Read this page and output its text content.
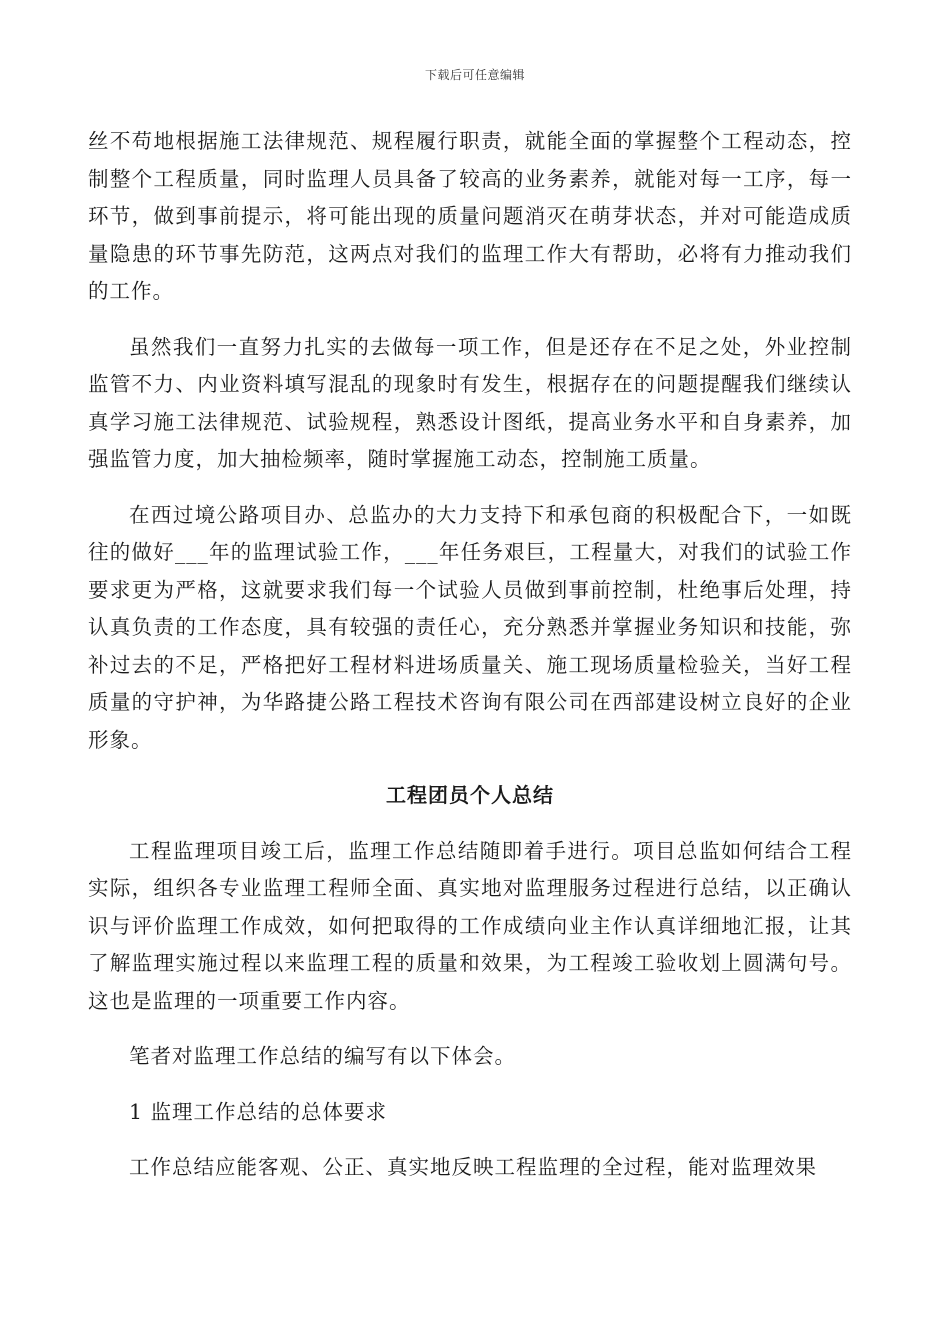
下载后可任意编辑

丝不苟地根据施工法律规范、规程履行职责，就能全面的掌握整个工程动态，控制整个工程质量，同时监理人员具备了较高的业务素养，就能对每一工序，每一环节，做到事前提示，将可能出现的质量问题消灭在萌芽状态，并对可能造成质量隐患的环节事先防范，这两点对我们的监理工作大有帮助，必将有力推动我们的工作。

虽然我们一直努力扎实的去做每一项工作，但是还存在不足之处，外业控制监管不力、内业资料填写混乱的现象时有发生，根据存在的问题提醒我们继续认真学习施工法律规范、试验规程，熟悉设计图纸，提高业务水平和自身素养，加强监管力度，加大抽检频率，随时掌握施工动态，控制施工质量。

在西过境公路项目办、总监办的大力支持下和承包商的积极配合下，一如既往的做好___年的监理试验工作，___年任务艰巨，工程量大，对我们的试验工作要求更为严格，这就要求我们每一个试验人员做到事前控制，杜绝事后处理，持认真负责的工作态度，具有较强的责任心，充分熟悉并掌握业务知识和技能，弥补过去的不足，严格把好工程材料进场质量关、施工现场质量检验关，当好工程质量的守护神，为华路捷公路工程技术咨询有限公司在西部建设树立良好的企业形象。

工程团员个人总结

工程监理项目竣工后，监理工作总结随即着手进行。项目总监如何结合工程实际，组织各专业监理工程师全面、真实地对监理服务过程进行总结，以正确认识与评价监理工作成效，如何把取得的工作成绩向业主作认真详细地汇报，让其了解监理实施过程以来监理工程的质量和效果，为工程竣工验收划上圆满句号。这也是监理的一项重要工作内容。

笔者对监理工作总结的编写有以下体会。

1 监理工作总结的总体要求

工作总结应能客观、公正、真实地反映工程监理的全过程，能对监理效果
